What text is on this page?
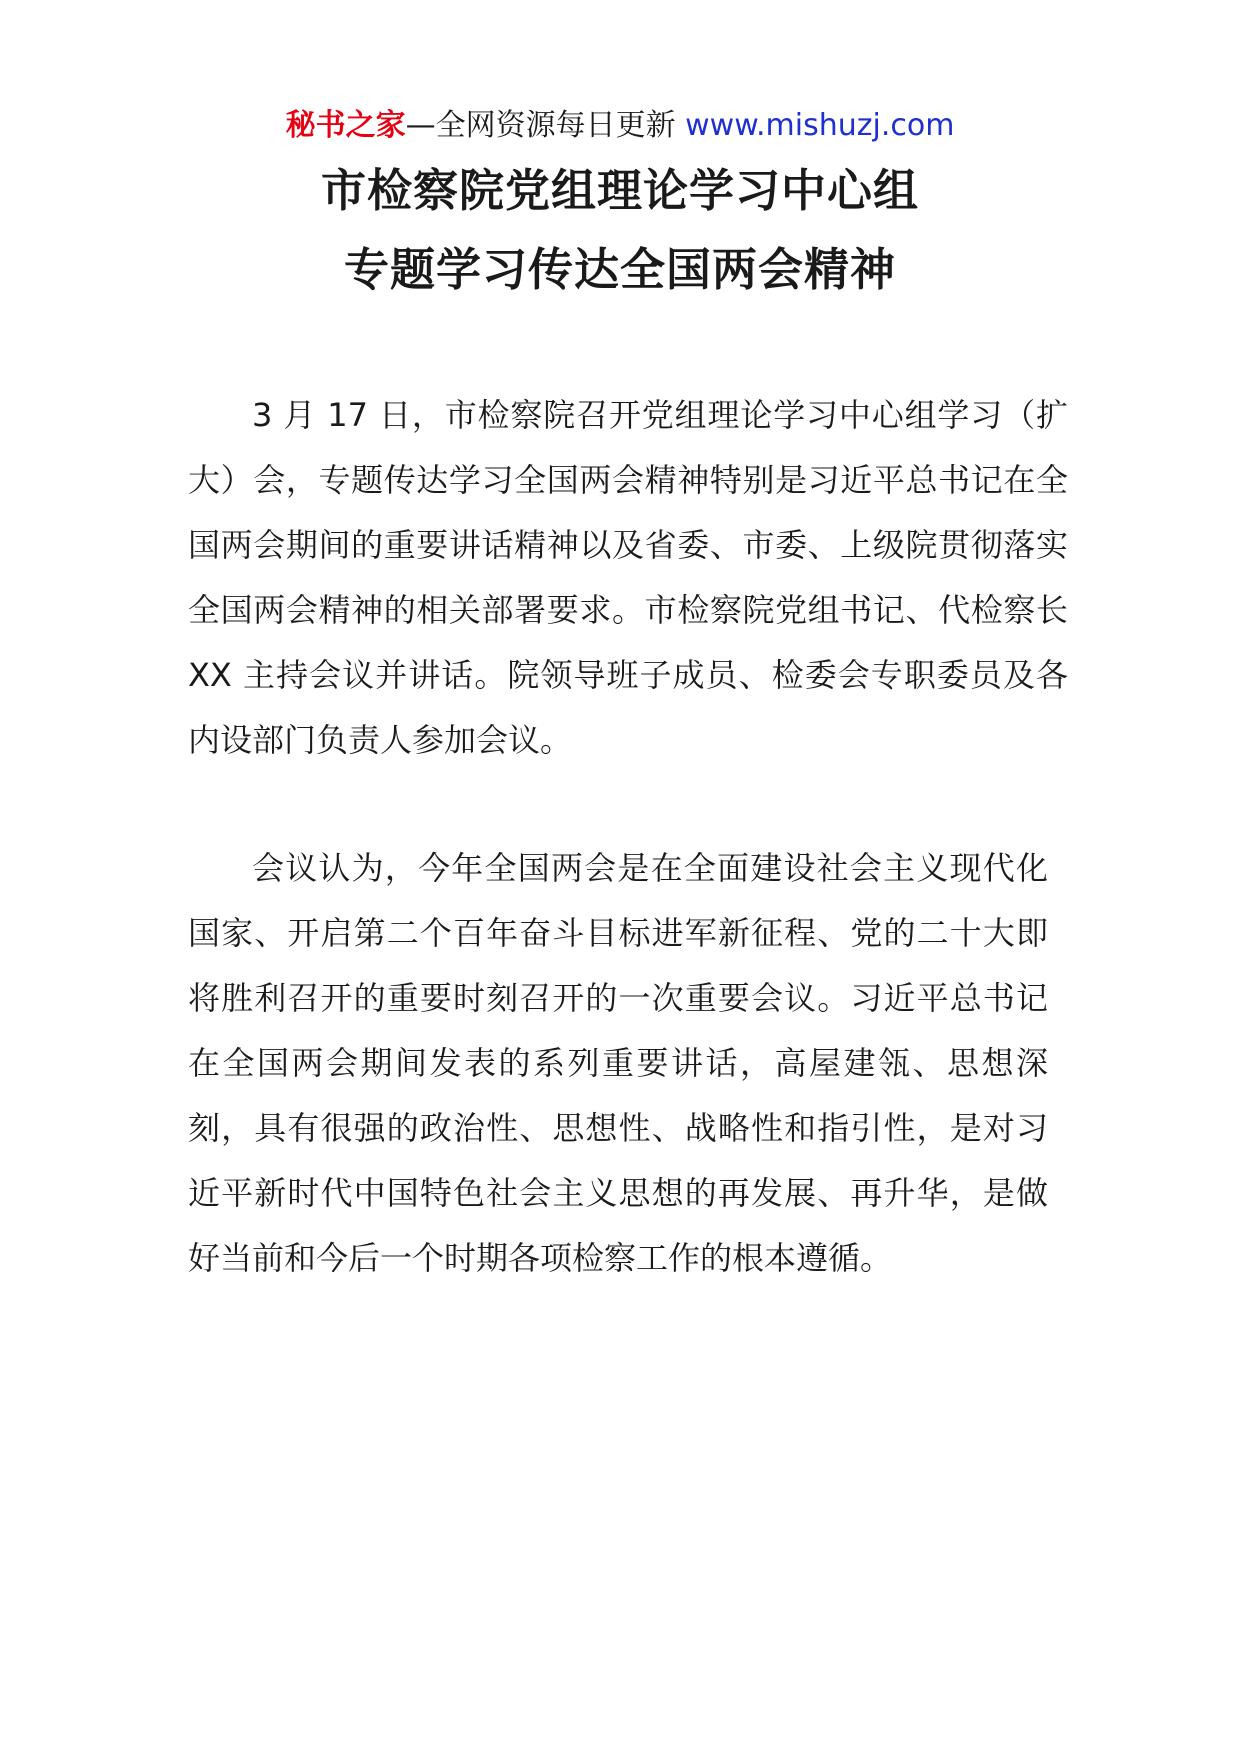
秘书之家—全网资源每日更新 www.mishuzj.com
市检察院党组理论学习中心组
专题学习传达全国两会精神

3 月 17 日，市检察院召开党组理论学习中心组学习（扩大）会，专题传达学习全国两会精神特别是习近平总书记在全国两会期间的重要讲话精神以及省委、市委、上级院贯彻落实全国两会精神的相关部署要求。市检察院党组书记、代检察长 XX 主持会议并讲话。院领导班子成员、检委会专职委员及各内设部门负责人参加会议。

会议认为，今年全国两会是在全面建设社会主义现代化国家、开启第二个百年奋斗目标进军新征程、党的二十大即将胜利召开的重要时刻召开的一次重要会议。习近平总书记在全国两会期间发表的系列重要讲话，高屋建瓴、思想深刻，具有很强的政治性、思想性、战略性和指引性，是对习近平新时代中国特色社会主义思想的再发展、再升华，是做好当前和今后一个时期各项检察工作的根本遵循。
